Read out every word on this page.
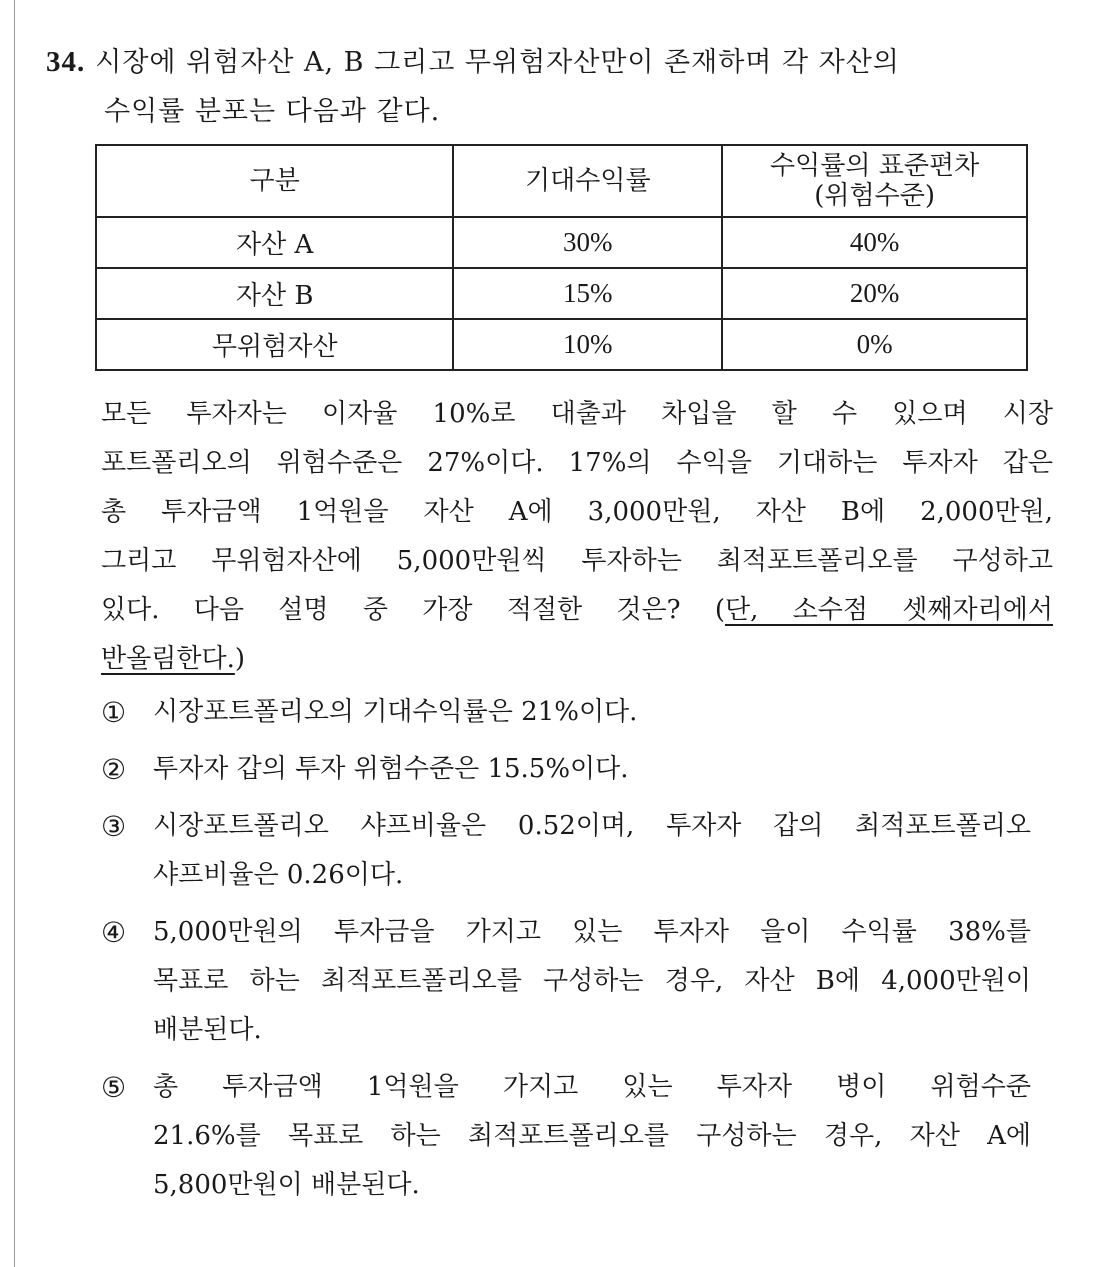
34. 시장에 위험자산 A, B 그리고 무위험자산만이 존재하며 각 자산의
수익률 분포는 다음과 같다.
구분	기대수익률	수익률의 표준편차
(위험수준)

자산 A	30%	40%
자산 B	15%	20%
무위험자산	10%	0%
모든 투자자는 이자율 10%로 대출과 차입을 할 수 있으며 시장
포트폴리오의 위험수준은 27%이다. 17%의 수익을 기대하는 투자자 갑은
총 투자금액 1억원을 자산 A에 3,000만원, 자산 B에 2,000만원,
그리고 무위험자산에 5,000만원씩 투자하는 최적포트폴리오를 구성하고
있다. 다음 설명 중 가장 적절한 것은? (단, 소수점 셋째자리에서
반올림한다.)
① 시장포트폴리오의 기대수익률은 21%이다.
② 투자자 갑의 투자 위험수준은 15.5%이다.
③ 시장포트폴리오 샤프비율은 0.52이며, 투자자 갑의 최적포트폴리오
샤프비율은 0.26이다.
④ 5,000만원의 투자금을 가지고 있는 투자자 을이 수익률 38%를
목표로 하는 최적포트폴리오를 구성하는 경우, 자산 B에 4,000만원이
배분된다.
⑤ 총 투자금액 1억원을 가지고 있는 투자자 병이 위험수준
21.6%를 목표로 하는 최적포트폴리오를 구성하는 경우, 자산 A에
5,800만원이 배분된다.
